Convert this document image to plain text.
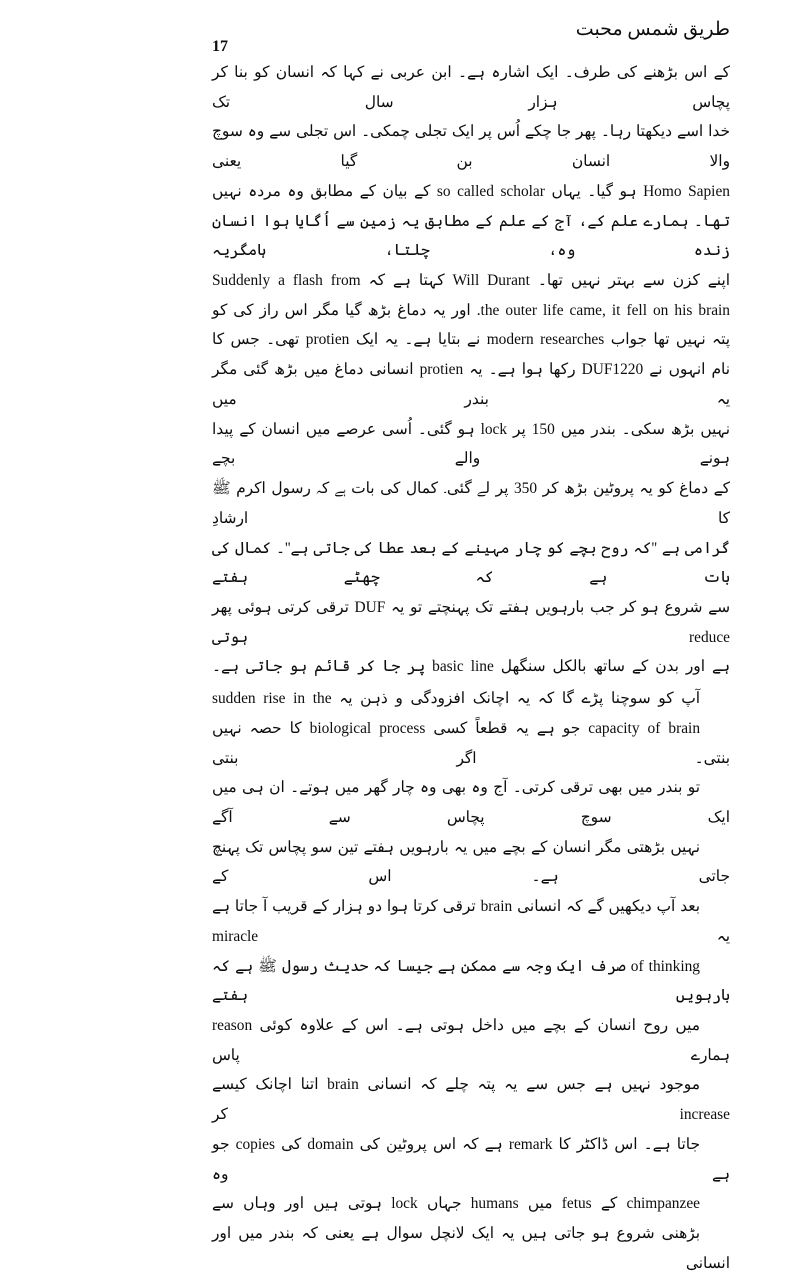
طریق شمس محبت
17

کے اس بڑھنے کی طرف۔ ایک اشارہ ہے۔ ابن عربی نے کہا کہ انسان کو بنا کر پچاس ہزار سال تک
خدا اسے دیکھتا رہا۔ پھر جا چکے اُس پر ایک تجلی چمکی۔ اس تجلی سے وہ سوچ والا انسان بن گیا یعنی
Homo Sapien ہو گیا۔ یہاں so called scholar کے بیان کے مطابق وہ مردہ نہیں
تھا۔ ہمارے علم کے، آج کے علم کے مطابق یہ زمین سے اُگایا ہوا انسان زندہ وہ، چلتا، ہامگریہ
اپنے کزن سے بہتر نہیں تھا۔ Will Durant کہتا ہے کہ Suddenly a flash from
the outer life came, it fell on his brain. اور یہ دماغ بڑھ گیا مگر اس راز کی کو
پتہ نہیں تھا جواب modern researches نے بتایا ہے۔ یہ ایک protien تھی۔ جس کا
نام انہوں نے DUF1220 رکھا ہوا ہے۔ یہ protien انسانی دماغ میں بڑھ گئی مگر یہ بندر میں
نہیں بڑھ سکی۔ بندر میں 150 پر lock ہو گئی۔ اُسی عرصے میں انسان کے پیدا ہونے والے بچے
کے دماغ کو یہ پروٹین بڑھ کر 350 پر لے گئی۔ کمال کی بات ہے کہ رسول اکرم ﷺ کا ارشادِ
گرامی ہے ''کہ روح بچے کو چار مہینے کے بعد عطا کی جاتی ہے''۔ کمال کی بات ہے کہ چھٹے ہفتے
سے شروع ہو کر جب بارہویں ہفتے تک پہنچتے تو یہ DUF ترقی کرتی ہوئی پھر reduce ہوتی
ہے اور بدن کے ساتھ بالکل سنگھل basic line پر جا کر قائم ہو جاتی ہے۔

آپ کو سوچنا پڑے گا کہ یہ اچانک افزودگی و ذہن یہ sudden rise in the
capacity of brain جو ہے یہ قطعاً کسی biological process کا حصہ نہیں بنتی۔ اگر بنتی
تو بندر میں بھی ترقی کرتی۔ آج وہ بھی وہ چار گھر میں ہوتے۔ ان ہی میں ایک سوچ پچاس سے آگے
نہیں بڑھتی مگر انسان کے بچے میں یہ بارہویں ہفتے تین سو پچاس تک پہنچ جاتی ہے۔ اس کے
بعد آپ دیکھیں گے کہ انسانی brain ترقی کرتا ہوا دو ہزار کے قریب آ جاتا ہے یہ miracle
of thinking صرف ایک وجہ سے ممکن ہے جیسا کہ حدیث رسول ﷺ ہے کہ بارہویں ہفتے
میں روح انسان کے بچے میں داخل ہوتی ہے۔ اس کے علاوہ کوئی reason ہمارے پاس
موجود نہیں ہے جس سے یہ پتہ چلے کہ انسانی brain اتنا اچانک کیسے increase کر
جاتا ہے۔ اس ڈاکٹر کا remark ہے کہ اس پروٹین کی domain کی copies جو ہے وہ
chimpanzee کے fetus میں humans جہاں lock ہوتی ہیں اور وہاں سے
بڑھنی شروع ہو جاتی ہیں یہ ایک لانچل سوال ہے یعنی کہ بندر میں اور انسانی
